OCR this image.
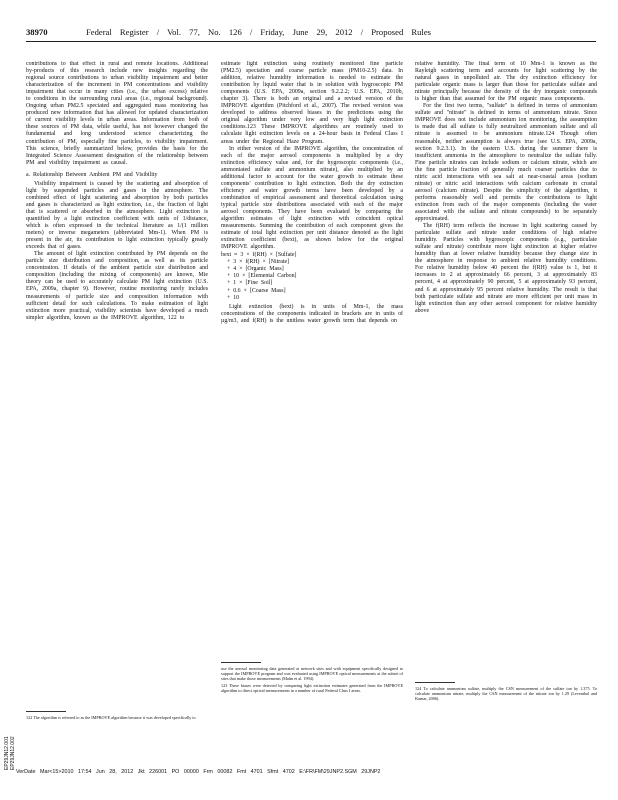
38970	Federal Register / Vol. 77, No. 126 / Friday, June 29, 2012 / Proposed Rules

contributions to that effect in rural and remote locations. Additional by-products of this research include new insights regarding the regional source contributions to urban visibility impairment and better characterization of the increment in PM concentrations and visibility impairment that occur in many cities (i.e., the urban excess) relative to conditions in the surrounding rural areas (i.e., regional background). Ongoing urban PM2.5 speciated and aggregated mass monitoring has produced new information that has allowed for updated characterization of current visibility levels in urban areas. Information from both of these sources of PM data, while useful, has not however changed the fundamental and long understood science characterizing the contribution of PM, especially fine particles, to visibility impairment. This science, briefly summarized below, provides the basis for the Integrated Science Assessment designation of the relationship between PM and visibility impairment as causal.

a. Relationship Between Ambient PM and Visibility

Visibility impairment is caused by the scattering and absorption of light by suspended particles and gases in the atmosphere. The combined effect of light scattering and absorption by both particles and gases is characterized as light extinction, i.e., the fraction of light that is scattered or absorbed in the atmosphere. Light extinction is quantified by a light extinction coefficient with units of 1/distance, which is often expressed in the technical literature as 1/(1 million meters) or inverse megameters (abbreviated Mm-1). When PM is present in the air, its contribution to light extinction typically greatly exceeds that of gases.

The amount of light extinction contributed by PM depends on the particle size distribution and composition, as well as its particle concentration. If details of the ambient particle size distribution and composition (including the mixing of components) are known, Mie theory can be used to accurately calculate PM light extinction (U.S. EPA, 2009a, chapter 9). However, routine monitoring rarely includes measurements of particle size and composition information with sufficient detail for such calculations. To make estimation of light extinction more practical, visibility scientists have developed a much simpler algorithm, known as the IMPROVE algorithm, 122 to

122 The algorithm is referred to as the IMPROVE algorithm because it was developed specifically to

estimate light extinction using routinely monitored fine particle (PM2.5) speciation and coarse particle mass (PM10-2.5) data. In addition, relative humidity information is needed to estimate the contribution by liquid water that is in solution with hygroscopic PM components (U.S. EPA, 2009a, section 9.2.2.2; U.S. EPA, 2010b, chapter 3). There is both an original and a revised version of the IMPROVE algorithm (Pitchford et al., 2007). The revised version was developed to address observed biases in the predictions using the original algorithm under very low and very high light extinction conditions.123 These IMPROVE algorithms are routinely used to calculate light extinction levels on a 24-hour basis in Federal Class I areas under the Regional Haze Program.

In either version of the IMPROVE algorithm, the concentration of each of the major aerosol components is multiplied by a dry extinction efficiency value and, for the hygroscopic components (i.e., ammoniated sulfate and ammonium nitrate), also multiplied by an additional factor to account for the water growth to estimate these components' contribution to light extinction. Both the dry extinction efficiency and water growth terms have been developed by a combination of empirical assessment and theoretical calculation using typical particle size distributions associated with each of the major aerosol components. They have been evaluated by comparing the algorithm estimates of light extinction with coincident optical measurements. Summing the contribution of each component gives the estimate of total light extinction per unit distance denoted as the light extinction coefficient (bext), as shown below for the original IMPROVE algorithm.

bext ≈ 3 × f(RH) × [Sulfate]

+ 3 × f(RH) × [Nitrate]

+ 4 × [Organic Mass]

+ 10 × [Elemental Carbon]

+ 1 × [Fine Soil]

+ 0.6 × [Coarse Mass]

+ 10

Light extinction (bext) is in units of Mm-1, the mass concentrations of the components indicated in brackets are in units of µg/m3, and f(RH) is the unitless water growth term that depends on

use the aerosol monitoring data generated at network sites and with equipment specifically designed to support the IMPROVE program and was evaluated using IMPROVE optical measurements at the subset of sites that make those measurements (Malm et al. 1994).
123 These biases were detected by comparing light extinction estimates generated from the IMPROVE algorithm to direct optical measurements in a number of rural Federal Class I areas.

relative humidity. The final term of 10 Mm-1 is known as the Rayleigh scattering term and accounts for light scattering by the natural gases in unpolluted air. The dry extinction efficiency for particulate organic mass is larger than those for particulate sulfate and nitrate principally because the density of the dry inorganic compounds is higher than that assumed for the PM organic mass components.

For the first two terms, "sulfate" is defined in terms of ammonium sulfate and "nitrate" is defined in terms of ammonium nitrate. Since IMPROVE does not include ammonium ion monitoring, the assumption is made that all sulfate is fully neutralized ammonium sulfate and all nitrate is assumed to be ammonium nitrate.124 Though often reasonable, neither assumption is always true (see U.S. EPA, 2009a, section 9.2.3.1). In the eastern U.S. during the summer there is insufficient ammonia in the atmosphere to neutralize the sulfate fully. Fine particle nitrates can include sodium or calcium nitrate, which are the fine particle fraction of generally much coarser particles due to nitric acid interactions with sea salt at near-coastal areas (sodium nitrate) or nitric acid interactions with calcium carbonate in crustal aerosol (calcium nitrate). Despite the simplicity of the algorithm, it performs reasonably well and permits the contributions to light extinction from each of the major components (including the water associated with the sulfate and nitrate compounds) to be separately approximated.

The f(RH) term reflects the increase in light scattering caused by particulate sulfate and nitrate under conditions of high relative humidity. Particles with hygroscopic components (e.g., particulate sulfate and nitrate) contribute more light extinction at higher relative humidity than at lower relative humidity because they change size in the atmosphere in response to ambient relative humidity conditions. For relative humidity below 40 percent the f(RH) value is 1, but it increases to 2 at approximately 66 percent, 3 at approximately 83 percent, 4 at approximately 90 percent, 5 at approximately 93 percent, and 6 at approximately 95 percent relative humidity. The result is that both particulate sulfate and nitrate are more efficient per unit mass in light extinction than any other aerosol component for relative humidity above

124 To calculate ammonium sulfate, multiply the CSN measurement of the sulfate ion by 1.375. To calculate ammonium nitrate, multiply the CSN measurement of the nitrate ion by 1.29 (Leventhal and Kumar, 2006).
EP29JN12.001 EP29JN12.002
VerDate Mar<15>2010 17:54 Jun 28, 2012 Jkt 226001 PO 00000 Frm 00082 Fmt 4701 Sfmt 4702 E:\FR\FM\29JNP2.SGM 29JNP2
